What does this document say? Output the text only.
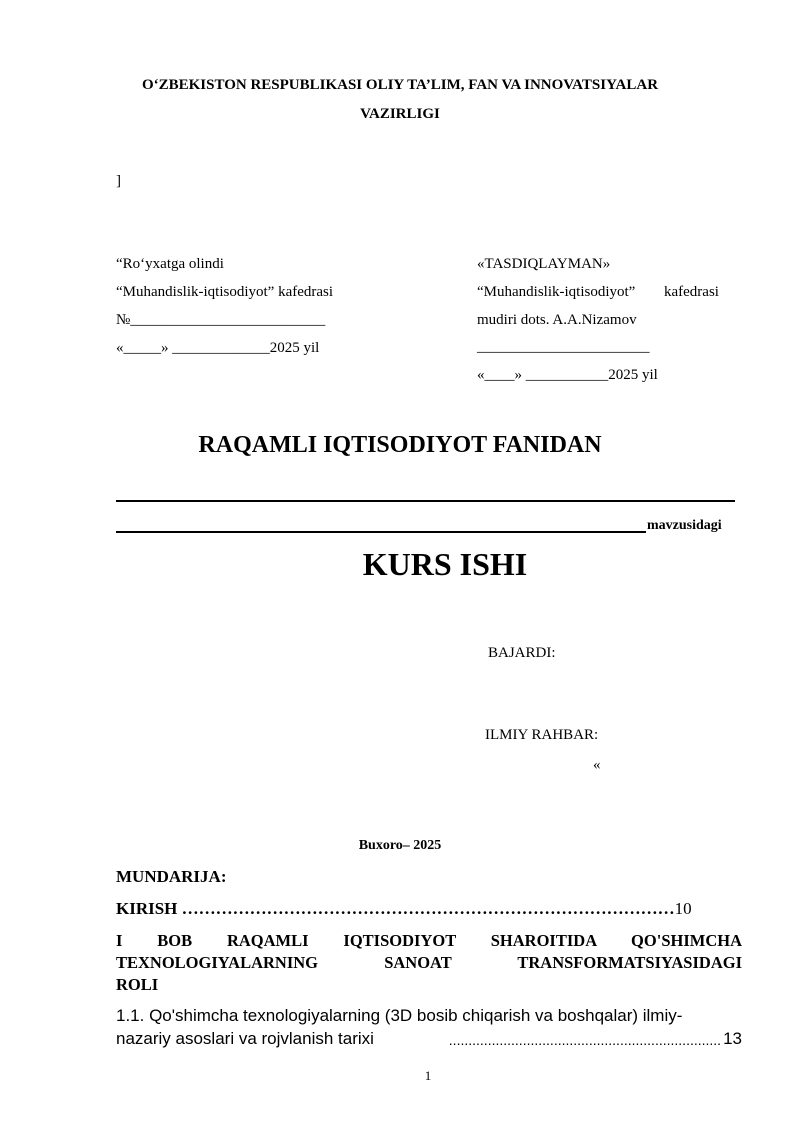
O‘ZBEKISTON RESPUBLIKASI OLIY TA’LIM, FAN VA INNOVATSIYALAR
VAZIRLIGI
]
“Ro‘yxatga olindi
“Muhandislik-iqtisodiyot” kafedrasi
№__________________________
«_____» _____________2025 yil
«TASDIQLAYMAN»
“Muhandislik-iqtisodiyot” kafedrasi
mudiri dots. A.A.Nizamov
_______________________
«____» ___________2025 yil
RAQAMLI IQTISODIYOT FANIDAN
mavzusidagi
KURS ISHI
BAJARDI:
ILMIY RAHBAR:
«
Buxoro– 2025
MUNDARIJA:
KIRISH ……………………………………………………………………………10
I BOB RAQAMLI IQTISODIYOT SHAROITIDA QO'SHIMCHA
TEXNOLOGIYALARNING SANOAT TRANSFORMATSIYASIDAGI
ROLI
1.1. Qo'shimcha texnologiyalarning (3D bosib chiqarish va boshqalar) ilmiy-
nazariy asoslari va rojvlanish tarixi	...................................................................... 13
1
